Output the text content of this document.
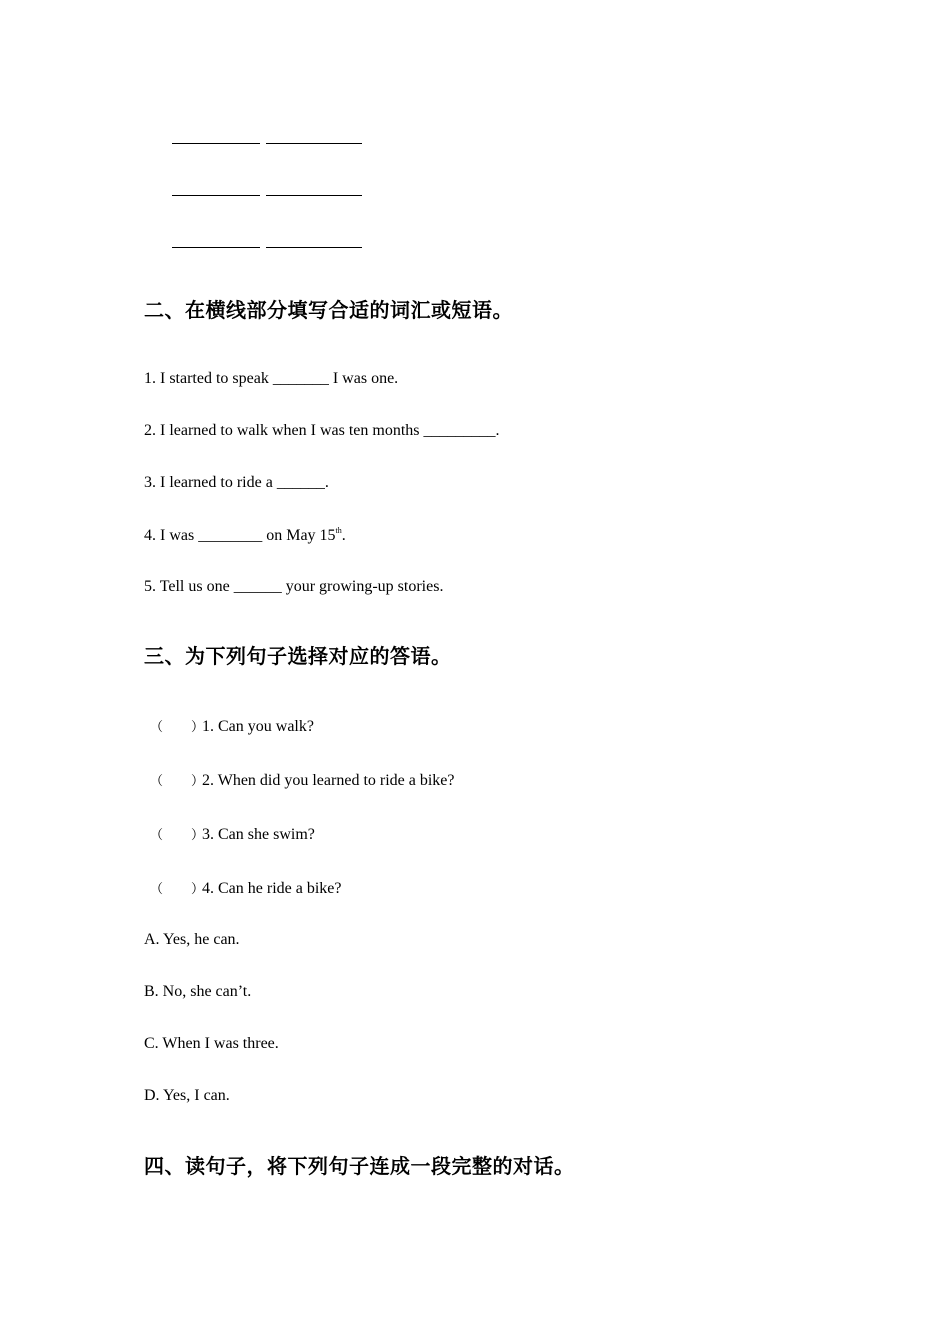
二、在横线部分填写合适的词汇或短语。
1. I started to speak _______ I was one.
2. I learned to walk when I was ten months _________.
3. I learned to ride a ______.
4. I was ________ on May 15th.
5. Tell us one ______ your growing-up stories.
三、为下列句子选择对应的答语。
（ ）1. Can you walk?
（ ）2. When did you learned to ride a bike?
（ ）3. Can she swim?
（ ）4. Can he ride a bike?
A. Yes, he can.
B. No, she can’t.
C. When I was three.
D. Yes, I can.
四、读句子，将下列句子连成一段完整的对话。
